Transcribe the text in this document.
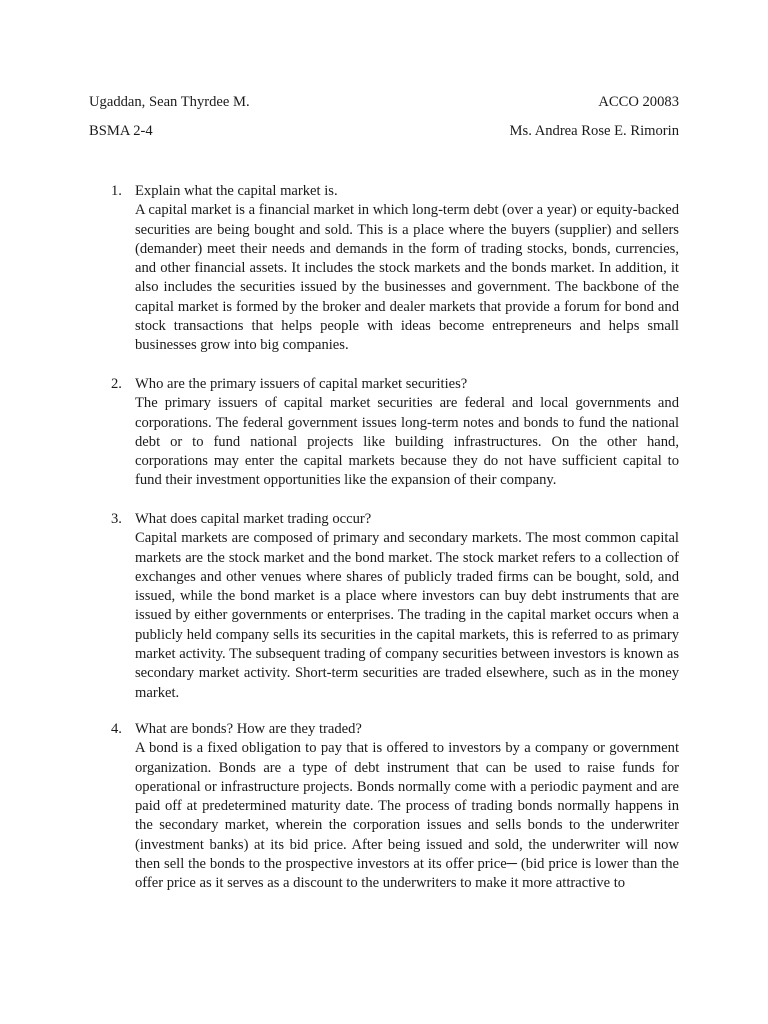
Ugaddan, Sean Thyrdee M.	ACCO 20083
BSMA 2-4	Ms. Andrea Rose E. Rimorin
1. Explain what the capital market is.
A capital market is a financial market in which long-term debt (over a year) or equity-backed securities are being bought and sold. This is a place where the buyers (supplier) and sellers (demander) meet their needs and demands in the form of trading stocks, bonds, currencies, and other financial assets. It includes the stock markets and the bonds market. In addition, it also includes the securities issued by the businesses and government. The backbone of the capital market is formed by the broker and dealer markets that provide a forum for bond and stock transactions that helps people with ideas become entrepreneurs and helps small businesses grow into big companies.
2. Who are the primary issuers of capital market securities?
The primary issuers of capital market securities are federal and local governments and corporations. The federal government issues long-term notes and bonds to fund the national debt or to fund national projects like building infrastructures. On the other hand, corporations may enter the capital markets because they do not have sufficient capital to fund their investment opportunities like the expansion of their company.
3. What does capital market trading occur?
Capital markets are composed of primary and secondary markets. The most common capital markets are the stock market and the bond market. The stock market refers to a collection of exchanges and other venues where shares of publicly traded firms can be bought, sold, and issued, while the bond market is a place where investors can buy debt instruments that are issued by either governments or enterprises. The trading in the capital market occurs when a publicly held company sells its securities in the capital markets, this is referred to as primary market activity. The subsequent trading of company securities between investors is known as secondary market activity. Short-term securities are traded elsewhere, such as in the money market.
4. What are bonds? How are they traded?
A bond is a fixed obligation to pay that is offered to investors by a company or government organization. Bonds are a type of debt instrument that can be used to raise funds for operational or infrastructure projects. Bonds normally come with a periodic payment and are paid off at predetermined maturity date. The process of trading bonds normally happens in the secondary market, wherein the corporation issues and sells bonds to the underwriter (investment banks) at its bid price. After being issued and sold, the underwriter will now then sell the bonds to the prospective investors at its offer price─ (bid price is lower than the offer price as it serves as a discount to the underwriters to make it more attractive to
